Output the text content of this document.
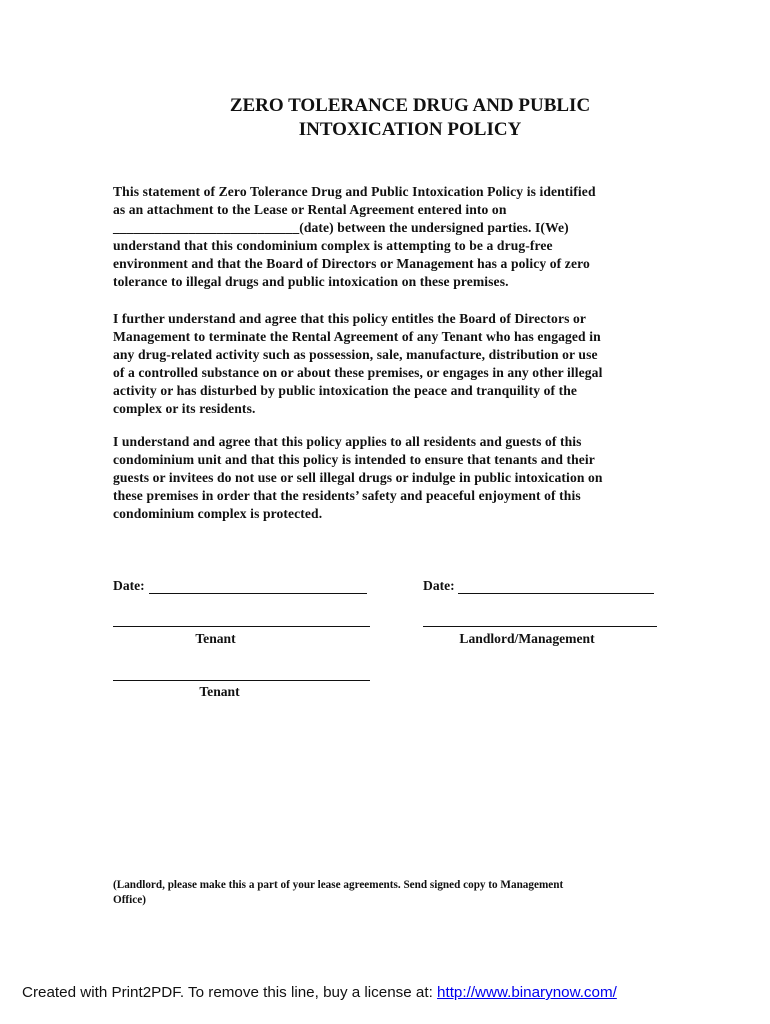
ZERO TOLERANCE DRUG AND PUBLIC
INTOXICATION POLICY
This statement of Zero Tolerance Drug and Public Intoxication Policy is identified
as an attachment to the Lease or Rental Agreement entered into on
___________________________(date) between the undersigned parties. I(We)
understand that this condominium complex is attempting to be a drug-free
environment and that the Board of Directors or Management has a policy of zero
tolerance to illegal drugs and public intoxication on these premises.
I further understand and agree that this policy entitles the Board of Directors or
Management to terminate the Rental Agreement of any Tenant who has engaged in
any drug-related activity such as possession, sale, manufacture, distribution or use
of a controlled substance on or about these premises, or engages in any other illegal
activity or has disturbed by public intoxication the peace and tranquility of the
complex or its residents.
I understand and agree that this policy applies to all residents and guests of this
condominium unit and that this policy is intended to ensure that tenants and their
guests or invitees do not use or sell illegal drugs or indulge in public intoxication on
these premises in order that the residents’ safety and peaceful enjoyment of this
condominium complex is protected.
Date:	Date:
Tenant	Landlord/Management
Tenant
(Landlord, please make this a part of your lease agreements. Send signed copy to Management
Office)
Created with Print2PDF. To remove this line, buy a license at: http://www.binarynow.com/
